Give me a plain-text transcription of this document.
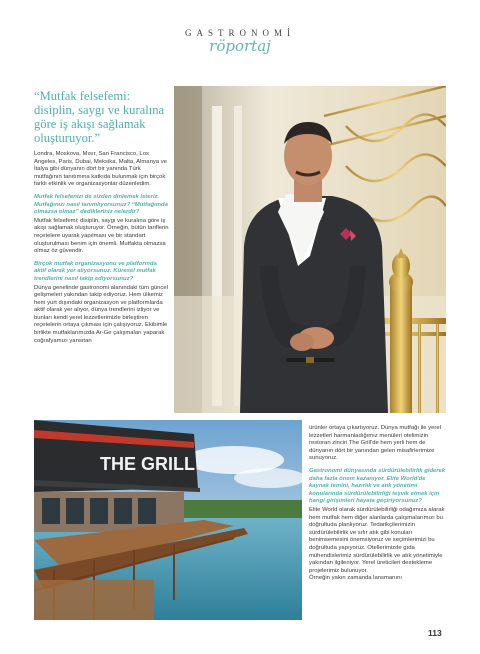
GASTRONOMİ
röportaj
“Mutfak felsefemi: disiplin, saygı ve kuralına göre iş akışı sağlamak oluşturuyor.”

Londra, Moskova, Mısır, San Francisco, Los Angeles, Paris, Dubai, Meksika, Malta, Almanya ve İtalya gibi dünyanın dört bir yanında Türk mutfağının tanıtımına katkıda bulunmak için birçok farklı etkinlik ve organizasyonlar düzenledim.

Mutfak felsefenizi de sizden dinlemek isteriz. Mutfağınızı nasıl tanımlıyorsunuz? “Mutfağımda olmazsa olmaz” dedikleriniz nelerdir?

Mutfak felsefemi; disiplin, saygı ve kuralına göre iş akışı sağlamak oluşturuyor. Örneğin, bütün tariflerin reçetelere uyarak yapılması ve bir standart oluşturulması benim için önemli. Mutfakta olmazsa olmaz öz güvendir.

Birçok mutfak organizasyonu ve platformda aktif olarak yer alıyorsunuz. Küresel mutfak trendlerini nasıl takip ediyorsunuz?

Dünya genelinde gastronomi alanındaki tüm güncel gelişmeleri yakından takip ediyoruz. Hem ülkemiz hem yurt dışındaki organizasyon ve platformlarda aktif olarak yer alıyor, dünya trendlerini izliyor ve bunları kendi yerel lezzetlerimizle birleştiren reçetelerin ortaya çıkması için çalışıyoruz. Ekibimle birlikte mutfaklarımızda Ar-Ge çalışmaları yaparak coğrafyamızı yansıtan

THE GRILL

ürünler ortaya çıkartıyoruz. Dünya mutfağı ile yerel lezzetleri harmanladığımız menüleri otelimizin restoran zinciri The Grill'de hem yerli hem de dünyanın dört bir yanından gelen misafirlerimize sunuyoruz.

Gastronomi dünyasında sürdürülebilirlik giderek daha fazla önem kazanıyor. Elite World'de kaynak temini, hazırlık ve atık yönetimi konularında sürdürülebilirliği teşvik etmek için hangi girişimleri hayata geçiriyorsunuz?

Elite World olarak sürdürülebilirliği odağımıza alarak hem mutfak hem diğer alanlarda çalışmalarımızı bu doğrultuda planlıyoruz. Tedarikçilerimizin sürdürülebilirlik ve sıfır atık gibi konuları benimsemesini önemsiyoruz ve seçimlerimizi bu doğrultuda yapıyoruz. Otellerimizde gıda mühendislerimiz sürdürülebilirlik ve atık yönetimiyle yakından ilgileniyor. Yerel üreticileri destekleme projelerimiz bulunuyor.

Örneğin yakın zamanda lansmanını

113
